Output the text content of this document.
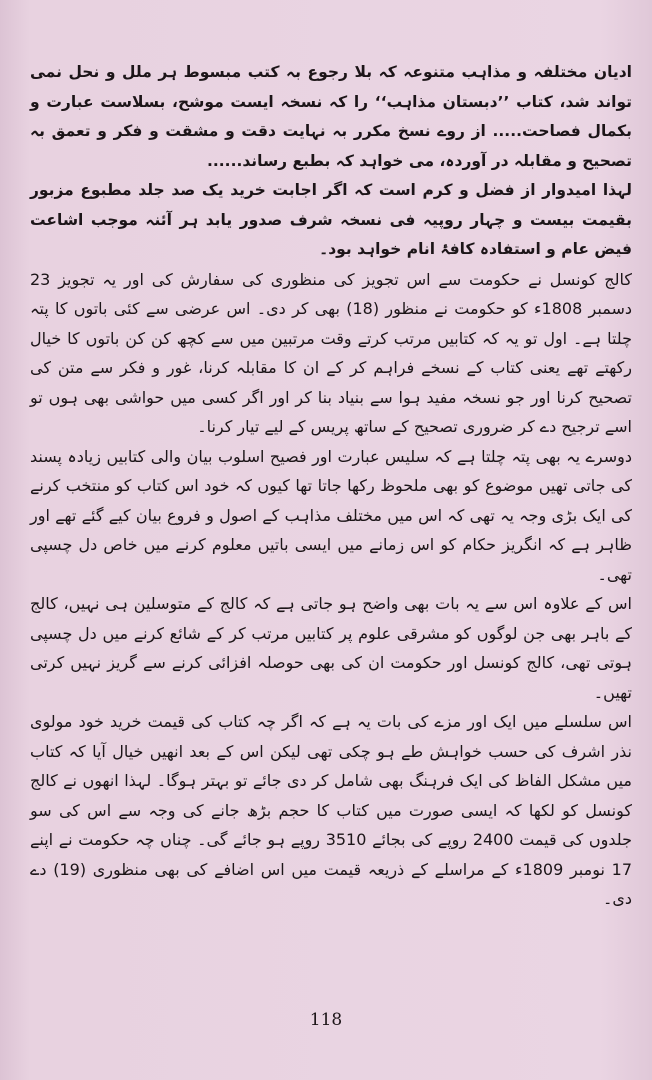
ادیان مختلفہ و مذاہب متنوعہ کہ بلا رجوع بہ کتب مبسوط ہر ملل و نحل نمی تواند شد، کتاب ’’دبستان مذاہب‘‘ را کہ نسخہ ایست موشح، بسلاست عبارت و بکمال فصاحت..... از روے نسخ مکرر بہ نہایت دقت و مشقت و فکر و تعمق بہ تصحیح و مقابلہ در آوردہ، می خواہد کہ بطبع رساند......

لہذا امیدوار از فضل و کرم است کہ اگر اجابت خرید یک صد جلد مطبوع مزبور بقیمت بیست و چہار روپیہ فی نسخہ شرف صدور یابد ہر آئنہ موجب اشاعت فیض عام و استفادہ کافۂ انام خواہد بود۔

کالج کونسل نے حکومت سے اس تجویز کی منظوری کی سفارش کی اور یہ تجویز 23 دسمبر 1808ء کو حکومت نے منظور (18) بھی کر دی۔ اس عرضی سے کئی باتوں کا پتہ چلتا ہے۔ اول تو یہ کہ کتابیں مرتب کرتے وقت مرتبین میں سے کچھ کن کن باتوں کا خیال رکھتے تھے یعنی کتاب کے نسخے فراہم کر کے ان کا مقابلہ کرنا، غور و فکر سے متن کی تصحیح کرنا اور جو نسخہ مفید ہوا سے بنیاد بنا کر اور اگر کسی میں حواشی بھی ہوں تو اسے ترجیح دے کر ضروری تصحیح کے ساتھ پریس کے لیے تیار کرنا۔

دوسرے یہ بھی پتہ چلتا ہے کہ سلیس عبارت اور فصیح اسلوب بیان والی کتابیں زیادہ پسند کی جاتی تھیں موضوع کو بھی ملحوظ رکھا جاتا تھا کیوں کہ خود اس کتاب کو منتخب کرنے کی ایک بڑی وجہ یہ تھی کہ اس میں مختلف مذاہب کے اصول و فروع بیان کیے گئے تھے اور ظاہر ہے کہ انگریز حکام کو اس زمانے میں ایسی باتیں معلوم کرنے میں خاص دل چسپی تھی۔

اس کے علاوہ اس سے یہ بات بھی واضح ہو جاتی ہے کہ کالج کے متوسلین ہی نہیں، کالج کے باہر بھی جن لوگوں کو مشرقی علوم پر کتابیں مرتب کر کے شائع کرنے میں دل چسپی ہوتی تھی، کالج کونسل اور حکومت ان کی بھی حوصلہ افزائی کرنے سے گریز نہیں کرتی تھیں۔

اس سلسلے میں ایک اور مزے کی بات یہ ہے کہ اگر چہ کتاب کی قیمت خرید خود مولوی نذر اشرف کی حسب خواہش طے ہو چکی تھی لیکن اس کے بعد انھیں خیال آیا کہ کتاب میں مشکل الفاظ کی ایک فرہنگ بھی شامل کر دی جائے تو بہتر ہوگا۔ لہذا انھوں نے کالج کونسل کو لکھا کہ ایسی صورت میں کتاب کا حجم بڑھ جانے کی وجہ سے اس کی سو جلدوں کی قیمت 2400 روپے کی بجائے 3510 روپے ہو جائے گی۔ چناں چہ حکومت نے اپنے 17 نومبر 1809ء کے مراسلے کے ذریعہ قیمت میں اس اضافے کی بھی منظوری (19) دے دی۔

118
